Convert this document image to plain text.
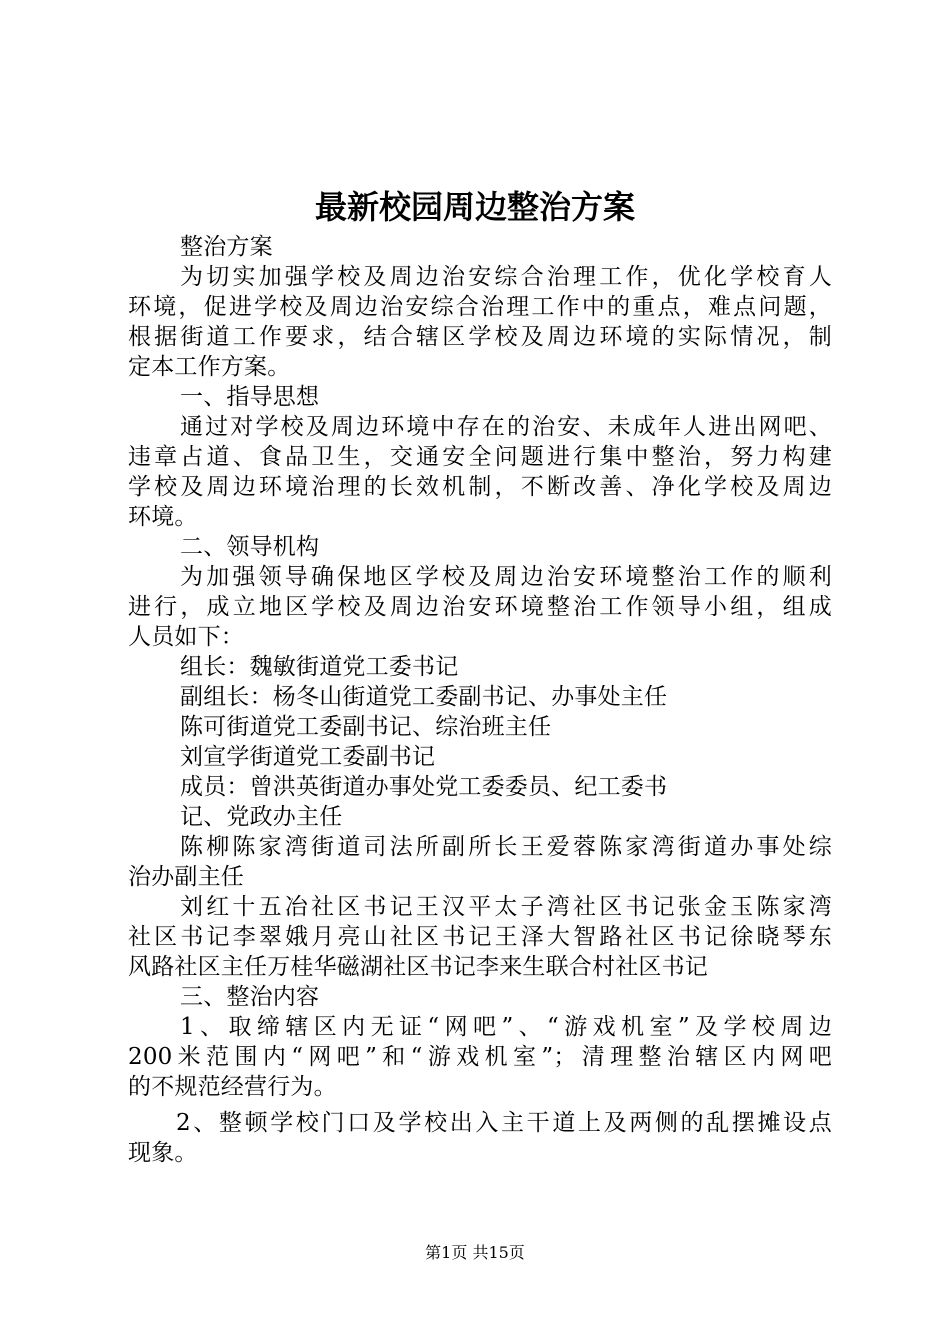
最新校园周边整治方案
整治方案
为切实加强学校及周边治安综合治理工作，优化学校育人
环境，促进学校及周边治安综合治理工作中的重点，难点问题，
根据街道工作要求，结合辖区学校及周边环境的实际情况，制
定本工作方案。
一、指导思想
通过对学校及周边环境中存在的治安、未成年人进出网吧、
违章占道、食品卫生，交通安全问题进行集中整治，努力构建
学校及周边环境治理的长效机制，不断改善、净化学校及周边
环境。
二、领导机构
为加强领导确保地区学校及周边治安环境整治工作的顺利
进行，成立地区学校及周边治安环境整治工作领导小组，组成
人员如下：
组长：魏敏街道党工委书记
副组长：杨冬山街道党工委副书记、办事处主任
陈可街道党工委副书记、综治班主任
刘宣学街道党工委副书记
成员：曾洪英街道办事处党工委委员、纪工委书
记、党政办主任
陈柳陈家湾街道司法所副所长王爱蓉陈家湾街道办事处综
治办副主任
刘红十五冶社区书记王汉平太子湾社区书记张金玉陈家湾
社区书记李翠娥月亮山社区书记王泽大智路社区书记徐晓琴东
风路社区主任万桂华磁湖社区书记李来生联合村社区书记
三、整治内容
1、取缔辖区内无证“网吧”、“游戏机室”及学校周边
200米范围内“网吧”和“游戏机室”；清理整治辖区内网吧
的不规范经营行为。
2、整顿学校门口及学校出入主干道上及两侧的乱摆摊设点
现象。
第1页 共15页
